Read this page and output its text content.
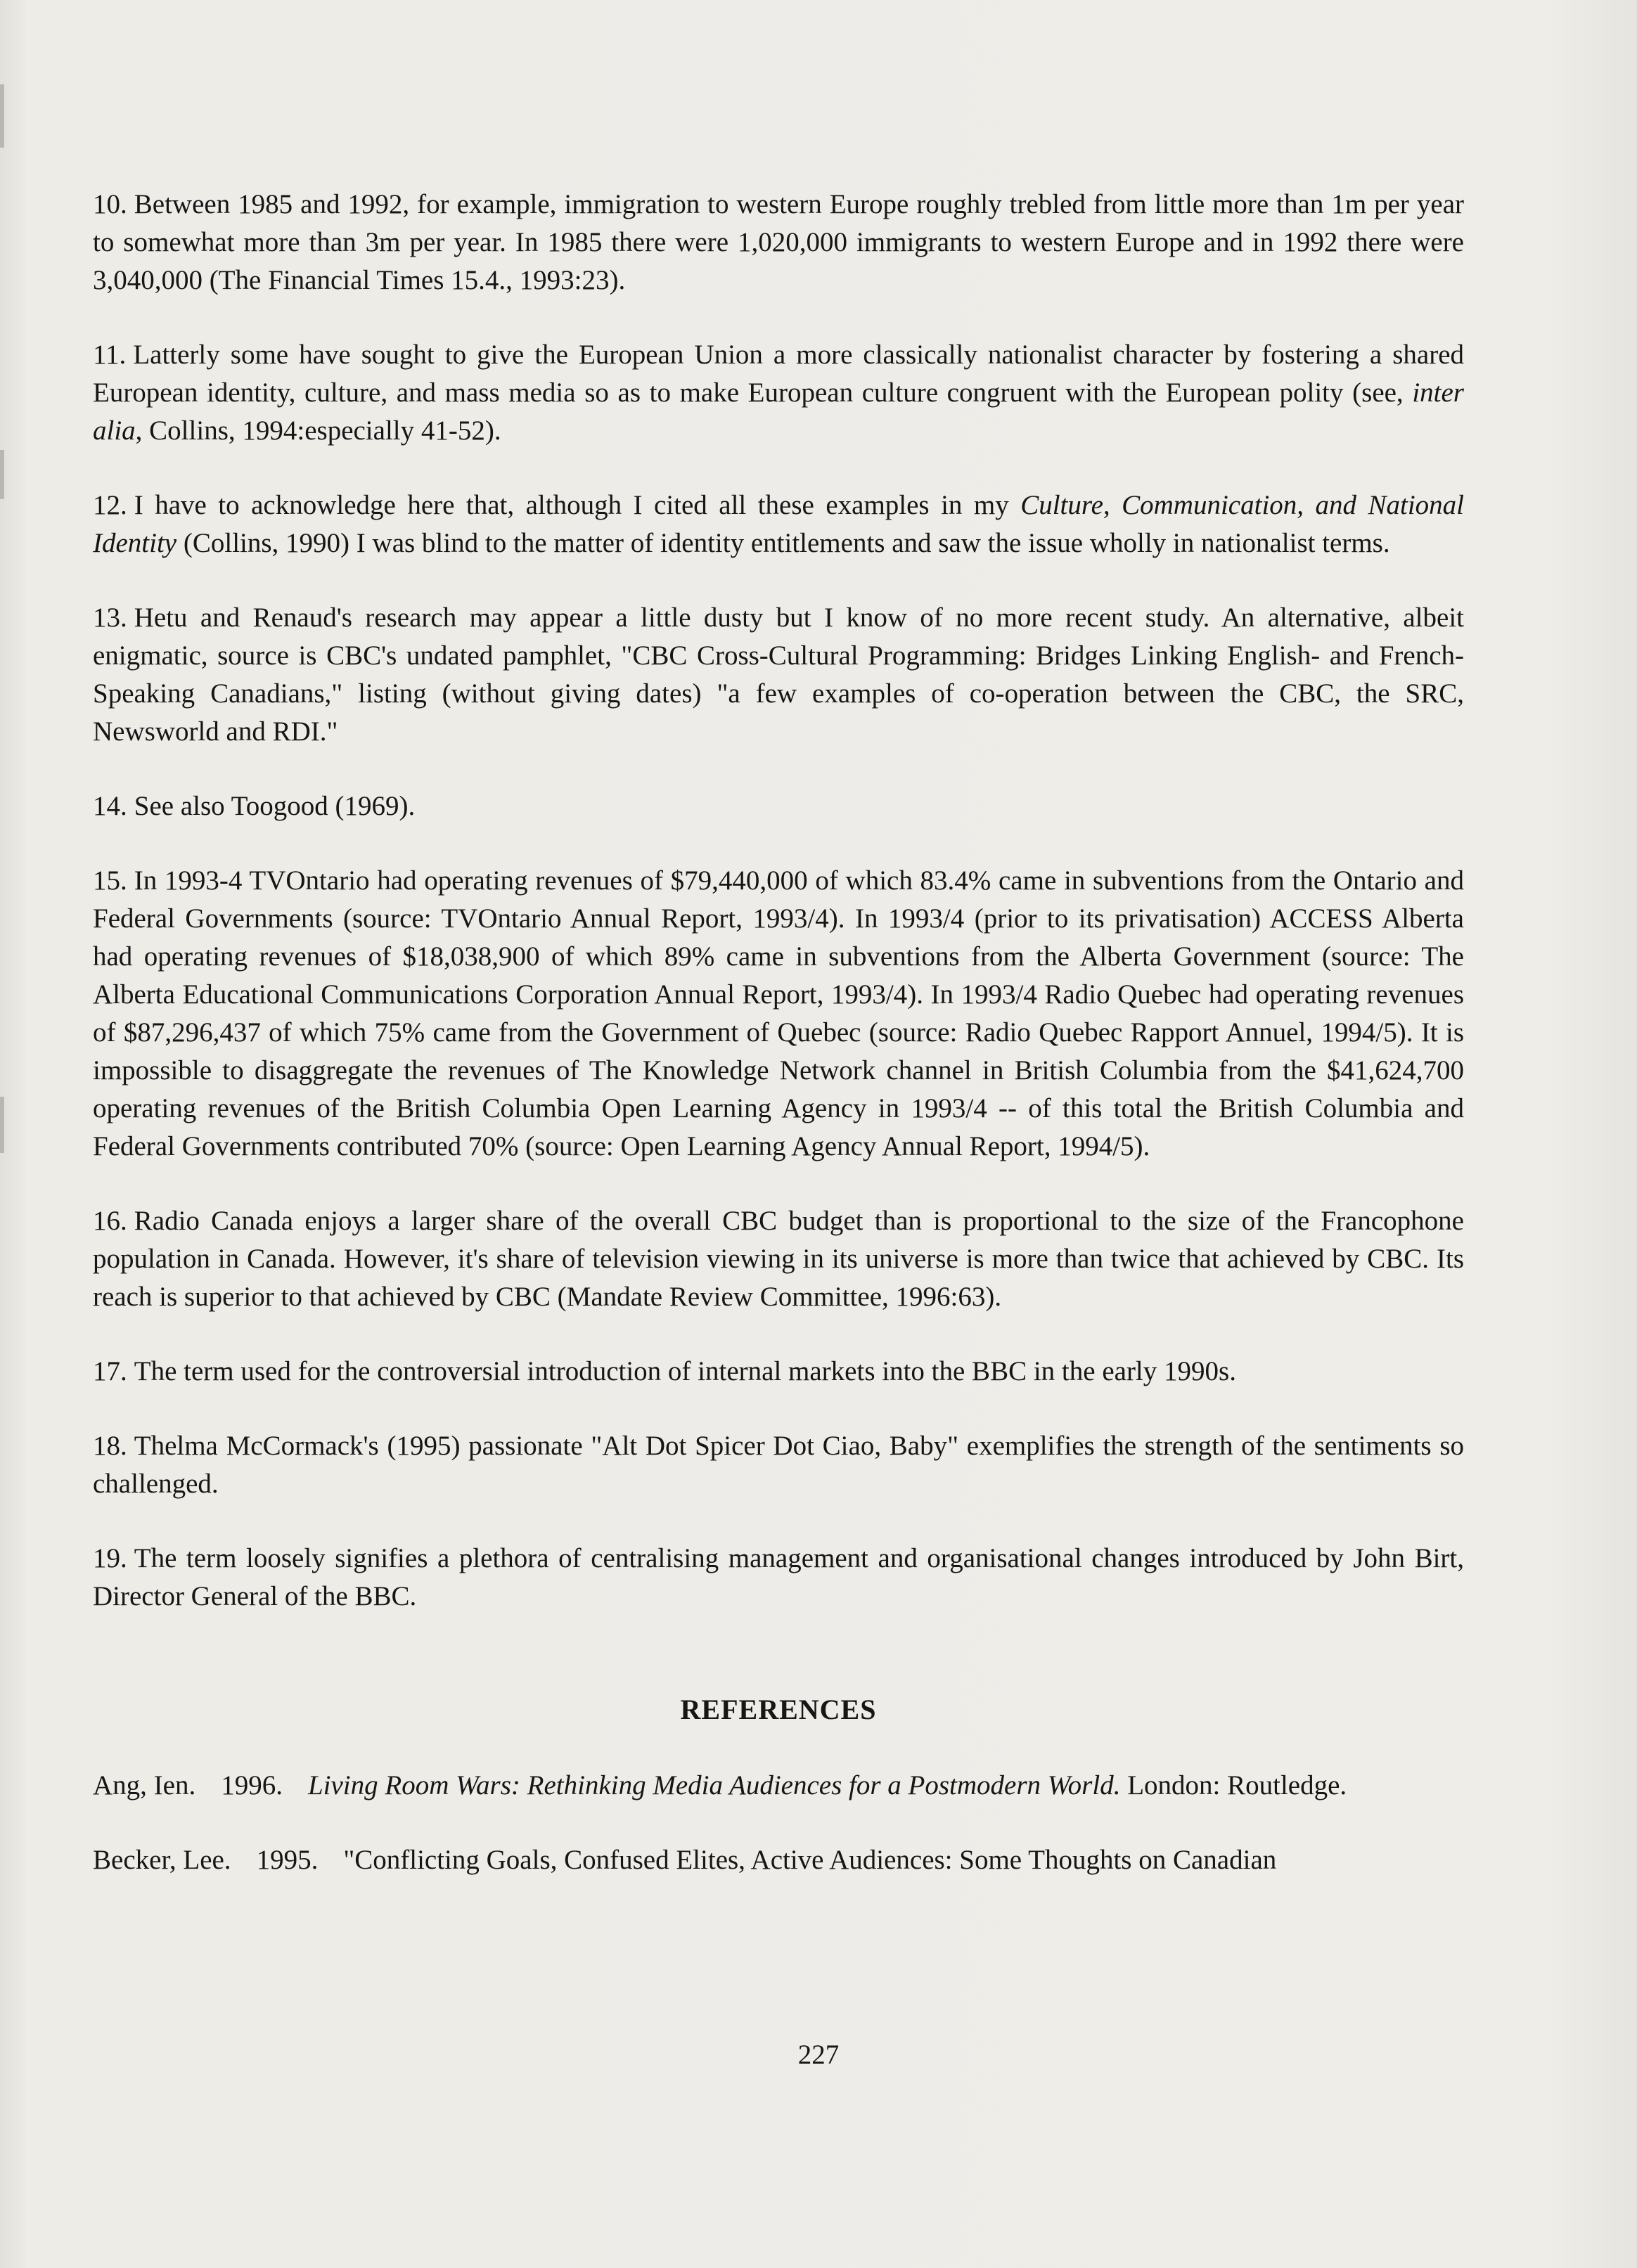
10. Between 1985 and 1992, for example, immigration to western Europe roughly trebled from little more than 1m per year to somewhat more than 3m per year. In 1985 there were 1,020,000 immigrants to western Europe and in 1992 there were 3,040,000 (The Financial Times 15.4., 1993:23).

11. Latterly some have sought to give the European Union a more classically nationalist character by fostering a shared European identity, culture, and mass media so as to make European culture congruent with the European polity (see, inter alia, Collins, 1994:especially 41-52).

12. I have to acknowledge here that, although I cited all these examples in my Culture, Communication, and National Identity (Collins, 1990) I was blind to the matter of identity entitlements and saw the issue wholly in nationalist terms.

13. Hetu and Renaud's research may appear a little dusty but I know of no more recent study. An alternative, albeit enigmatic, source is CBC's undated pamphlet, "CBC Cross-Cultural Programming: Bridges Linking English- and French-Speaking Canadians," listing (without giving dates) "a few examples of co-operation between the CBC, the SRC, Newsworld and RDI."

14. See also Toogood (1969).

15. In 1993-4 TVOntario had operating revenues of $79,440,000 of which 83.4% came in subventions from the Ontario and Federal Governments (source: TVOntario Annual Report, 1993/4). In 1993/4 (prior to its privatisation) ACCESS Alberta had operating revenues of $18,038,900 of which 89% came in subventions from the Alberta Government (source: The Alberta Educational Communications Corporation Annual Report, 1993/4). In 1993/4 Radio Quebec had operating revenues of $87,296,437 of which 75% came from the Government of Quebec (source: Radio Quebec Rapport Annuel, 1994/5). It is impossible to disaggregate the revenues of The Knowledge Network channel in British Columbia from the $41,624,700 operating revenues of the British Columbia Open Learning Agency in 1993/4 -- of this total the British Columbia and Federal Governments contributed 70% (source: Open Learning Agency Annual Report, 1994/5).

16. Radio Canada enjoys a larger share of the overall CBC budget than is proportional to the size of the Francophone population in Canada. However, it's share of television viewing in its universe is more than twice that achieved by CBC. Its reach is superior to that achieved by CBC (Mandate Review Committee, 1996:63).

17. The term used for the controversial introduction of internal markets into the BBC in the early 1990s.

18. Thelma McCormack's (1995) passionate "Alt Dot Spicer Dot Ciao, Baby" exemplifies the strength of the sentiments so challenged.

19. The term loosely signifies a plethora of centralising management and organisational changes introduced by John Birt, Director General of the BBC.

REFERENCES

Ang, Ien. 1996. Living Room Wars: Rethinking Media Audiences for a Postmodern World. London: Routledge.

Becker, Lee. 1995. "Conflicting Goals, Confused Elites, Active Audiences: Some Thoughts on Canadian

227
